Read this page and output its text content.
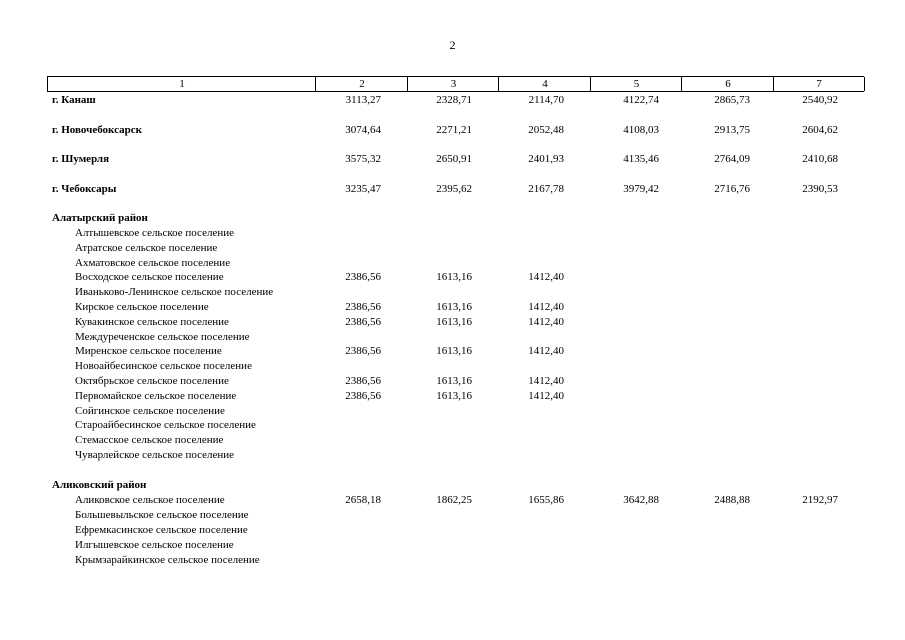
2
1	2	3	4	5	6	7
г. Канаш	3113,27	2328,71	2114,70	4122,74	2865,73	2540,92
г. Новочебоксарск	3074,64	2271,21	2052,48	4108,03	2913,75	2604,62
г. Шумерля	3575,32	2650,91	2401,93	4135,46	2764,09	2410,68
г. Чебоксары	3235,47	2395,62	2167,78	3979,42	2716,76	2390,53
Алатырский район
Алтышевское сельское поселение
Атратское сельское поселение
Ахматовское сельское поселение
Восходское сельское поселение	2386,56	1613,16	1412,40
Иваньково-Ленинское сельское поселение
Кирское сельское поселение	2386,56	1613,16	1412,40
Кувакинское сельское поселение	2386,56	1613,16	1412,40
Междуреченское сельское поселение
Миренское сельское поселение	2386,56	1613,16	1412,40
Новоайбесинское сельское поселение
Октябрьское сельское поселение	2386,56	1613,16	1412,40
Первомайское сельское поселение	2386,56	1613,16	1412,40
Сойгинское сельское поселение
Староайбесинское сельское поселение
Стемасское сельское поселение
Чуварлейское сельское поселение
Аликовский район
Аликовское сельское поселение	2658,18	1862,25	1655,86	3642,88	2488,88	2192,97
Большевыльское сельское поселение
Ефремкасинское сельское поселение
Илгышевское сельское поселение
Крымзарайкинское сельское поселение
